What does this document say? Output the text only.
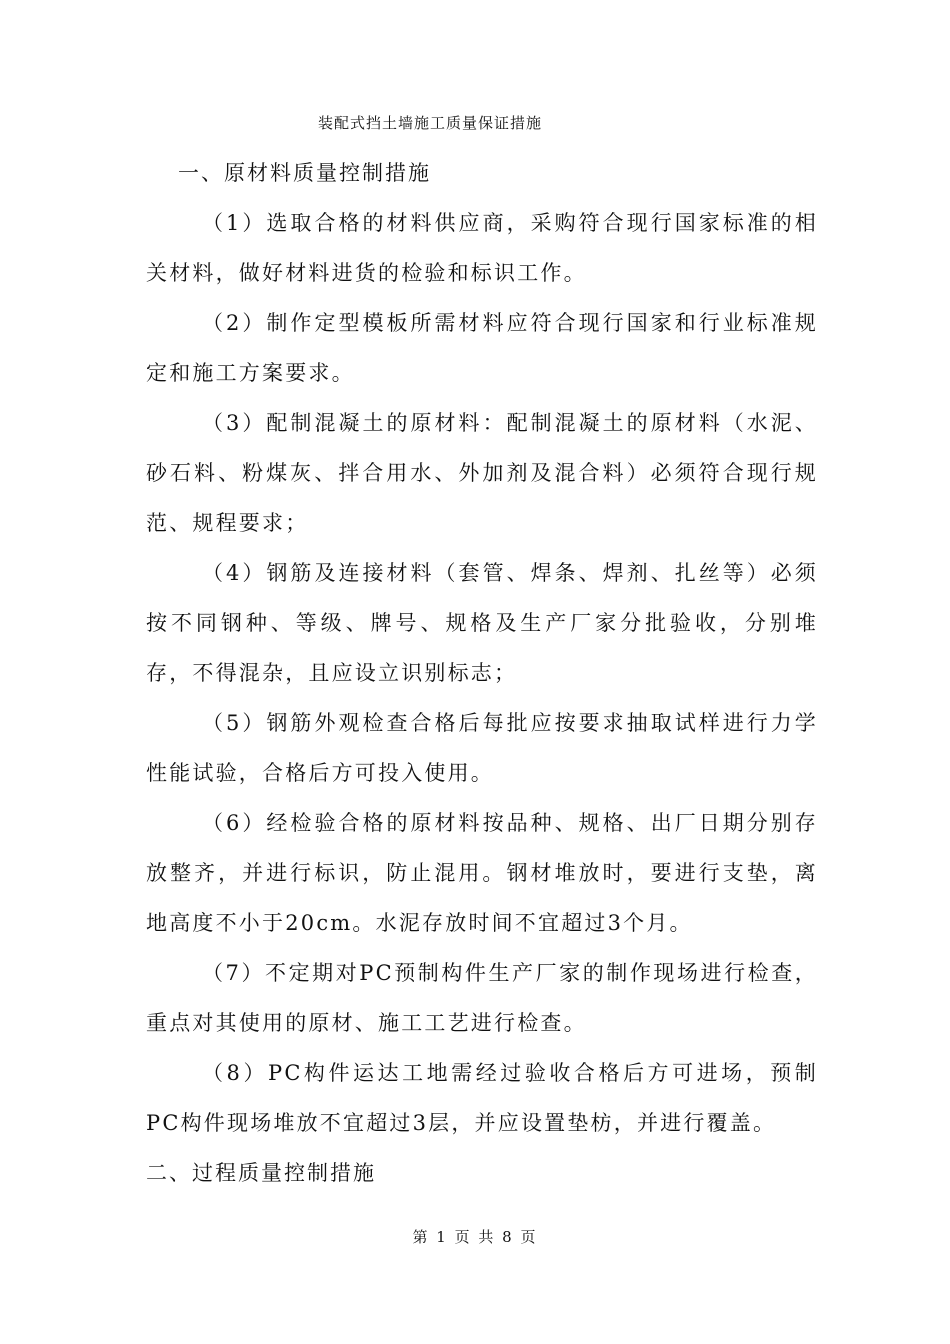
装配式挡土墙施工质量保证措施
一、原材料质量控制措施

（1）选取合格的材料供应商，采购符合现行国家标准的相关材料，做好材料进货的检验和标识工作。

（2）制作定型模板所需材料应符合现行国家和行业标准规定和施工方案要求。

（3）配制混凝土的原材料：配制混凝土的原材料（水泥、砂石料、粉煤灰、拌合用水、外加剂及混合料）必须符合现行规范、规程要求；

（4）钢筋及连接材料（套管、焊条、焊剂、扎丝等）必须按不同钢种、等级、牌号、规格及生产厂家分批验收，分别堆存，不得混杂，且应设立识别标志；

（5）钢筋外观检查合格后每批应按要求抽取试样进行力学性能试验，合格后方可投入使用。

（6）经检验合格的原材料按品种、规格、出厂日期分别存放整齐，并进行标识，防止混用。钢材堆放时，要进行支垫，离地高度不小于20cm。水泥存放时间不宜超过3个月。

（7）不定期对PC预制构件生产厂家的制作现场进行检查，重点对其使用的原材、施工工艺进行检查。

（8）PC构件运达工地需经过验收合格后方可进场，预制PC构件现场堆放不宜超过3层，并应设置垫枋，并进行覆盖。

二、过程质量控制措施
第 1 页 共 8 页
